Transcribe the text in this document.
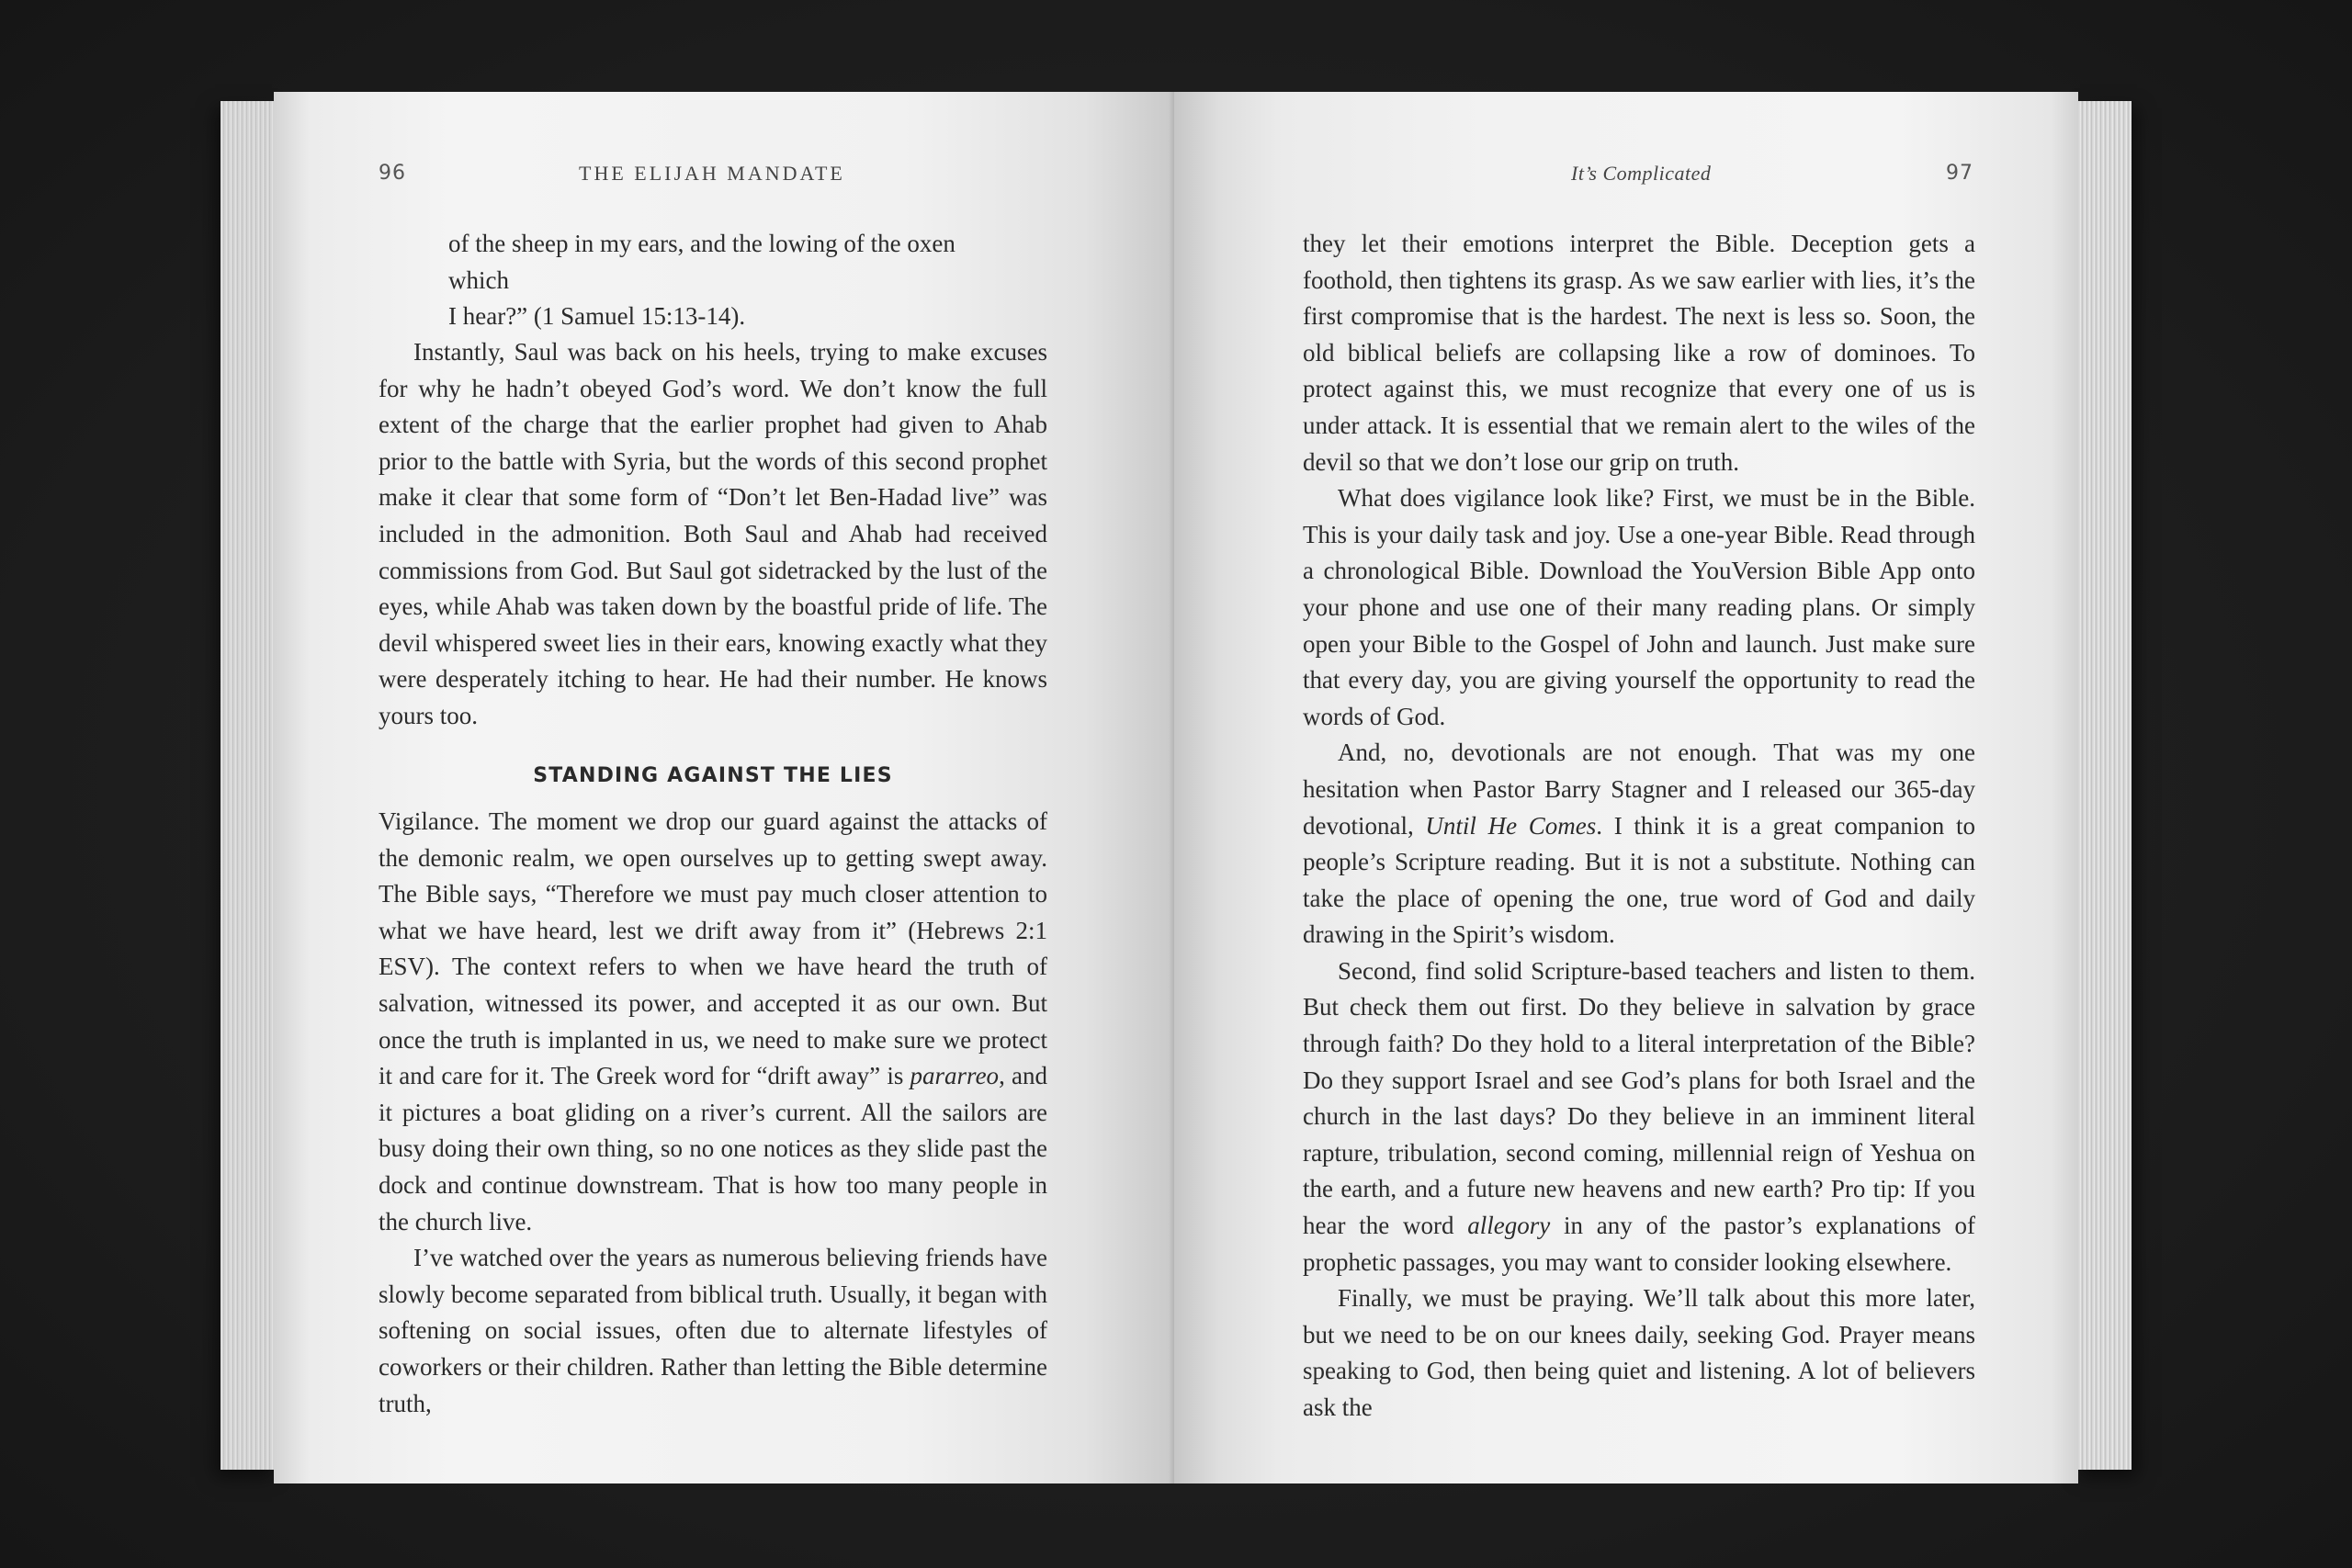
96	THE ELIJAH MANDATE
of the sheep in my ears, and the lowing of the oxen which
I hear?” (1 Samuel 15:13-14).

Instantly, Saul was back on his heels, trying to make excuses for why he hadn’t obeyed God’s word. We don’t know the full extent of the charge that the earlier prophet had given to Ahab prior to the battle with Syria, but the words of this second prophet make it clear that some form of “Don’t let Ben-Hadad live” was included in the admonition. Both Saul and Ahab had received commissions from God. But Saul got sidetracked by the lust of the eyes, while Ahab was taken down by the boastful pride of life. The devil whispered sweet lies in their ears, knowing exactly what they were desperately itching to hear. He had their number. He knows yours too.

STANDING AGAINST THE LIES

Vigilance. The moment we drop our guard against the attacks of the demonic realm, we open ourselves up to getting swept away. The Bible says, “Therefore we must pay much closer attention to what we have heard, lest we drift away from it” (Hebrews 2:1 ESV). The context refers to when we have heard the truth of salvation, witnessed its power, and accepted it as our own. But once the truth is implanted in us, we need to make sure we protect it and care for it. The Greek word for “drift away” is pararreo, and it pictures a boat gliding on a river’s current. All the sailors are busy doing their own thing, so no one notices as they slide past the dock and continue downstream. That is how too many people in the church live.

I’ve watched over the years as numerous believing friends have slowly become separated from biblical truth. Usually, it began with softening on social issues, often due to alternate lifestyles of coworkers or their children. Rather than letting the Bible determine truth,

It’s Complicated	97

they let their emotions interpret the Bible. Deception gets a foothold, then tightens its grasp. As we saw earlier with lies, it’s the first compromise that is the hardest. The next is less so. Soon, the old biblical beliefs are collapsing like a row of dominoes. To protect against this, we must recognize that every one of us is under attack. It is essential that we remain alert to the wiles of the devil so that we don’t lose our grip on truth.

What does vigilance look like? First, we must be in the Bible. This is your daily task and joy. Use a one-year Bible. Read through a chronological Bible. Download the YouVersion Bible App onto your phone and use one of their many reading plans. Or simply open your Bible to the Gospel of John and launch. Just make sure that every day, you are giving yourself the opportunity to read the words of God.

And, no, devotionals are not enough. That was my one hesitation when Pastor Barry Stagner and I released our 365-day devotional, Until He Comes. I think it is a great companion to people’s Scripture reading. But it is not a substitute. Nothing can take the place of opening the one, true word of God and daily drawing in the Spirit’s wisdom.

Second, find solid Scripture-based teachers and listen to them. But check them out first. Do they believe in salvation by grace through faith? Do they hold to a literal interpretation of the Bible? Do they support Israel and see God’s plans for both Israel and the church in the last days? Do they believe in an imminent literal rapture, tribulation, second coming, millennial reign of Yeshua on the earth, and a future new heavens and new earth? Pro tip: If you hear the word allegory in any of the pastor’s explanations of prophetic passages, you may want to consider looking elsewhere.

Finally, we must be praying. We’ll talk about this more later, but we need to be on our knees daily, seeking God. Prayer means speaking to God, then being quiet and listening. A lot of believers ask the
